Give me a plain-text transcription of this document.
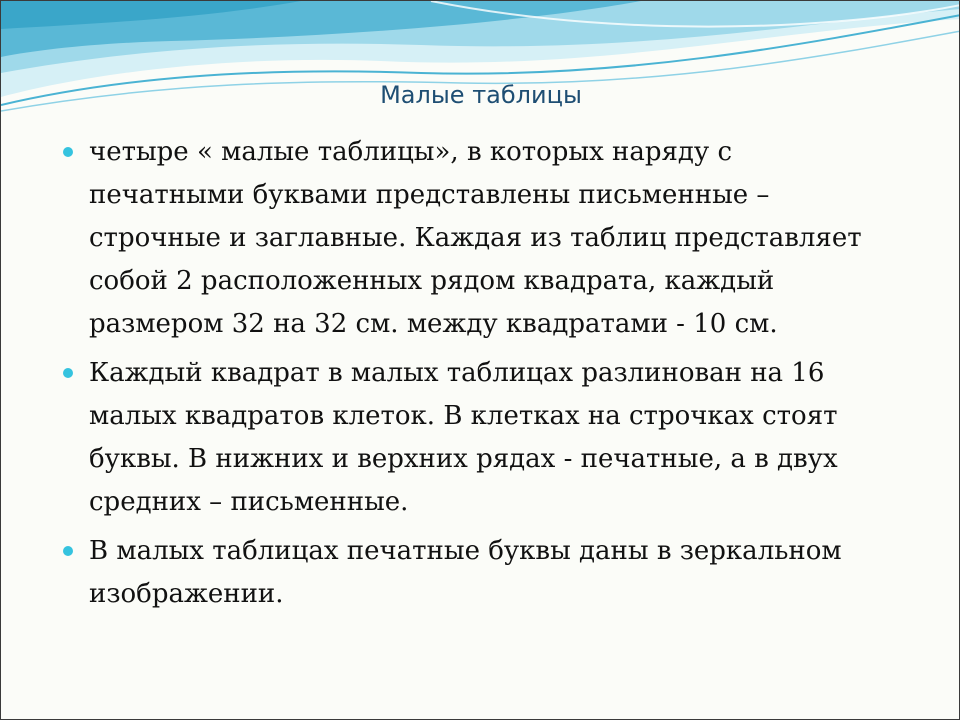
Малые таблицы
четыре « малые таблицы», в которых наряду с печатными буквами представлены письменные – строчные и заглавные. Каждая из таблиц представляет собой 2 расположенных рядом квадрата, каждый размером 32 на 32 см. между квадратами - 10 см.
Каждый квадрат в малых таблицах разлинован на 16 малых квадратов клеток. В клетках на строчках стоят буквы. В нижних и верхних рядах - печатные, а в двух средних – письменные.
В малых таблицах печатные буквы даны в зеркальном изображении.
